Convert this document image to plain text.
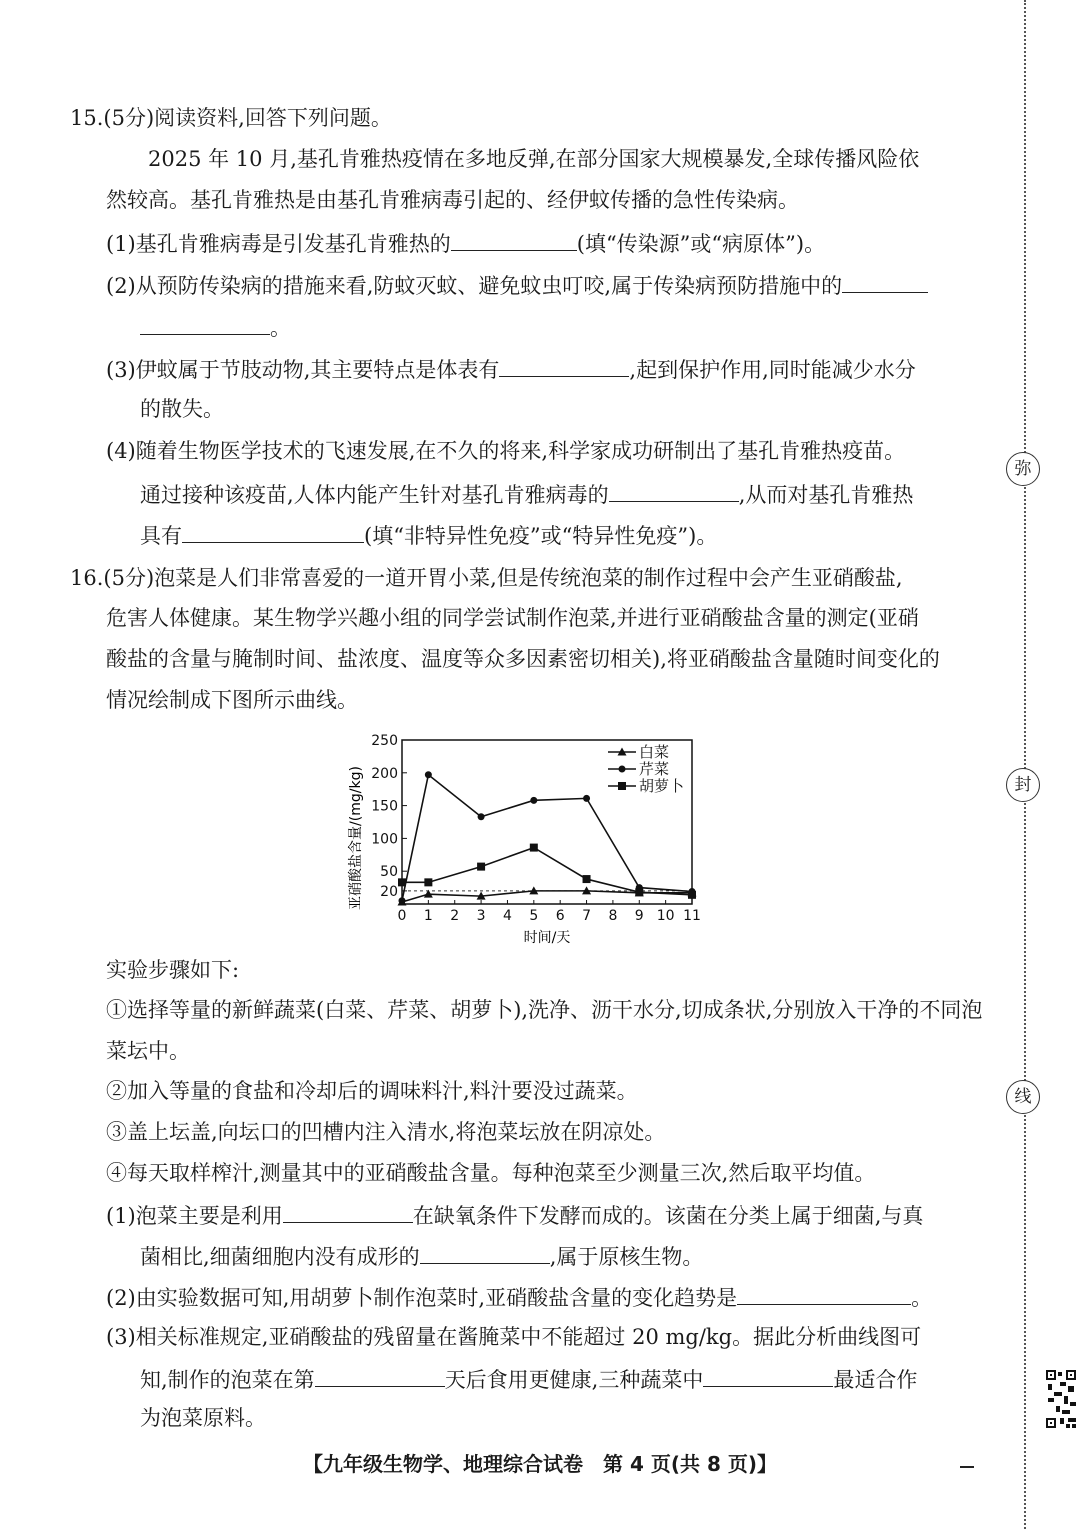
弥
封
线
15.(5分)阅读资料,回答下列问题。
2025 年 10 月,基孔肯雅热疫情在多地反弹,在部分国家大规模暴发,全球传播风险依
然较高。基孔肯雅热是由基孔肯雅病毒引起的、经伊蚊传播的急性传染病。
(1)基孔肯雅病毒是引发基孔肯雅热的	(填“传染源”或“病原体”)。
(2)从预防传染病的措施来看,防蚊灭蚊、避免蚊虫叮咬,属于传染病预防措施中的
。
(3)伊蚊属于节肢动物,其主要特点是体表有	,起到保护作用,同时能减少水分
的散失。
(4)随着生物医学技术的飞速发展,在不久的将来,科学家成功研制出了基孔肯雅热疫苗。
通过接种该疫苗,人体内能产生针对基孔肯雅病毒的	,从而对基孔肯雅热
具有	(填“非特异性免疫”或“特异性免疫”)。
16.(5分)泡菜是人们非常喜爱的一道开胃小菜,但是传统泡菜的制作过程中会产生亚硝酸盐,
危害人体健康。某生物学兴趣小组的同学尝试制作泡菜,并进行亚硝酸盐含量的测定(亚硝
酸盐的含量与腌制时间、盐浓度、温度等众多因素密切相关),将亚硝酸盐含量随时间变化的
情况绘制成下图所示曲线。
亚硝酸盐含量/(mg/kg)
时间/天
20
50
100
150
200
250
0 1 2 3 4 5 6 7 8 9 10 11
白菜
芹菜
胡萝卜
实验步骤如下:
①选择等量的新鲜蔬菜(白菜、芹菜、胡萝卜),洗净、沥干水分,切成条状,分别放入干净的不同泡
菜坛中。
②加入等量的食盐和冷却后的调味料汁,料汁要没过蔬菜。
③盖上坛盖,向坛口的凹槽内注入清水,将泡菜坛放在阴凉处。
④每天取样榨汁,测量其中的亚硝酸盐含量。每种泡菜至少测量三次,然后取平均值。
(1)泡菜主要是利用	在缺氧条件下发酵而成的。该菌在分类上属于细菌,与真
菌相比,细菌细胞内没有成形的	,属于原核生物。
(2)由实验数据可知,用胡萝卜制作泡菜时,亚硝酸盐含量的变化趋势是	。
(3)相关标准规定,亚硝酸盐的残留量在酱腌菜中不能超过 20 mg/kg。据此分析曲线图可
知,制作的泡菜在第	天后食用更健康,三种蔬菜中	最适合作
为泡菜原料。
【九年级生物学、地理综合试卷　第 4 页(共 8 页)】
